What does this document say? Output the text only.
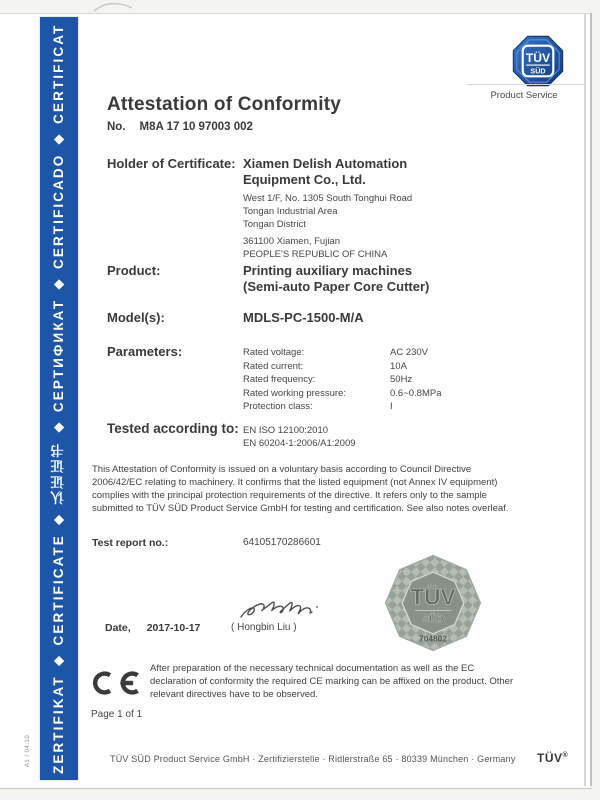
ZERTIFIKAT ◆ CERTIFICATE ◆ 认证证书 ◆ СЕРТИФИКАТ ◆ CERTIFICADO ◆ CERTIFICAT
A1 / 04.10
TÜV
SÜD
Product Service
Attestation of Conformity
No. M8A 17 10 97003 002
Holder of Certificate: Xiamen Delish Automation
Equipment Co., Ltd.
West 1/F, No. 1305 South Tonghui Road
Tongan Industrial Area
Tongan District
361100 Xiamen, Fujian
PEOPLE'S REPUBLIC OF CHINA
Product:	Printing auxiliary machines
(Semi-auto Paper Core Cutter)
Model(s):	MDLS-PC-1500-M/A
Parameters:	Rated voltage:	AC 230V
Rated current:	10A
Rated frequency:	50Hz
Rated working pressure:	0.6~0.8MPa
Protection class:	I
Tested according to: EN ISO 12100:2010
EN 60204-1:2006/A1:2009
This Attestation of Conformity is issued on a voluntary basis according to Council Directive 2006/42/EC relating to machinery. It confirms that the listed equipment (not Annex IV equipment) complies with the principal protection requirements of the directive. It refers only to the sample submitted to TÜV SÜD Product Service GmbH for testing and certification. See also notes overleaf.
Test report no.:	64105170286601
TÜV
SÜD
704802
Date, 2017-10-17	( Hongbin Liu )
After preparation of the necessary technical documentation as well as the EC declaration of conformity the required CE marking can be affixed on the product. Other relevant directives have to be observed.
Page 1 of 1
TÜV SÜD Product Service GmbH · Zertifizierstelle · Ridlerstraße 65 · 80339 München · Germany	TÜV®
